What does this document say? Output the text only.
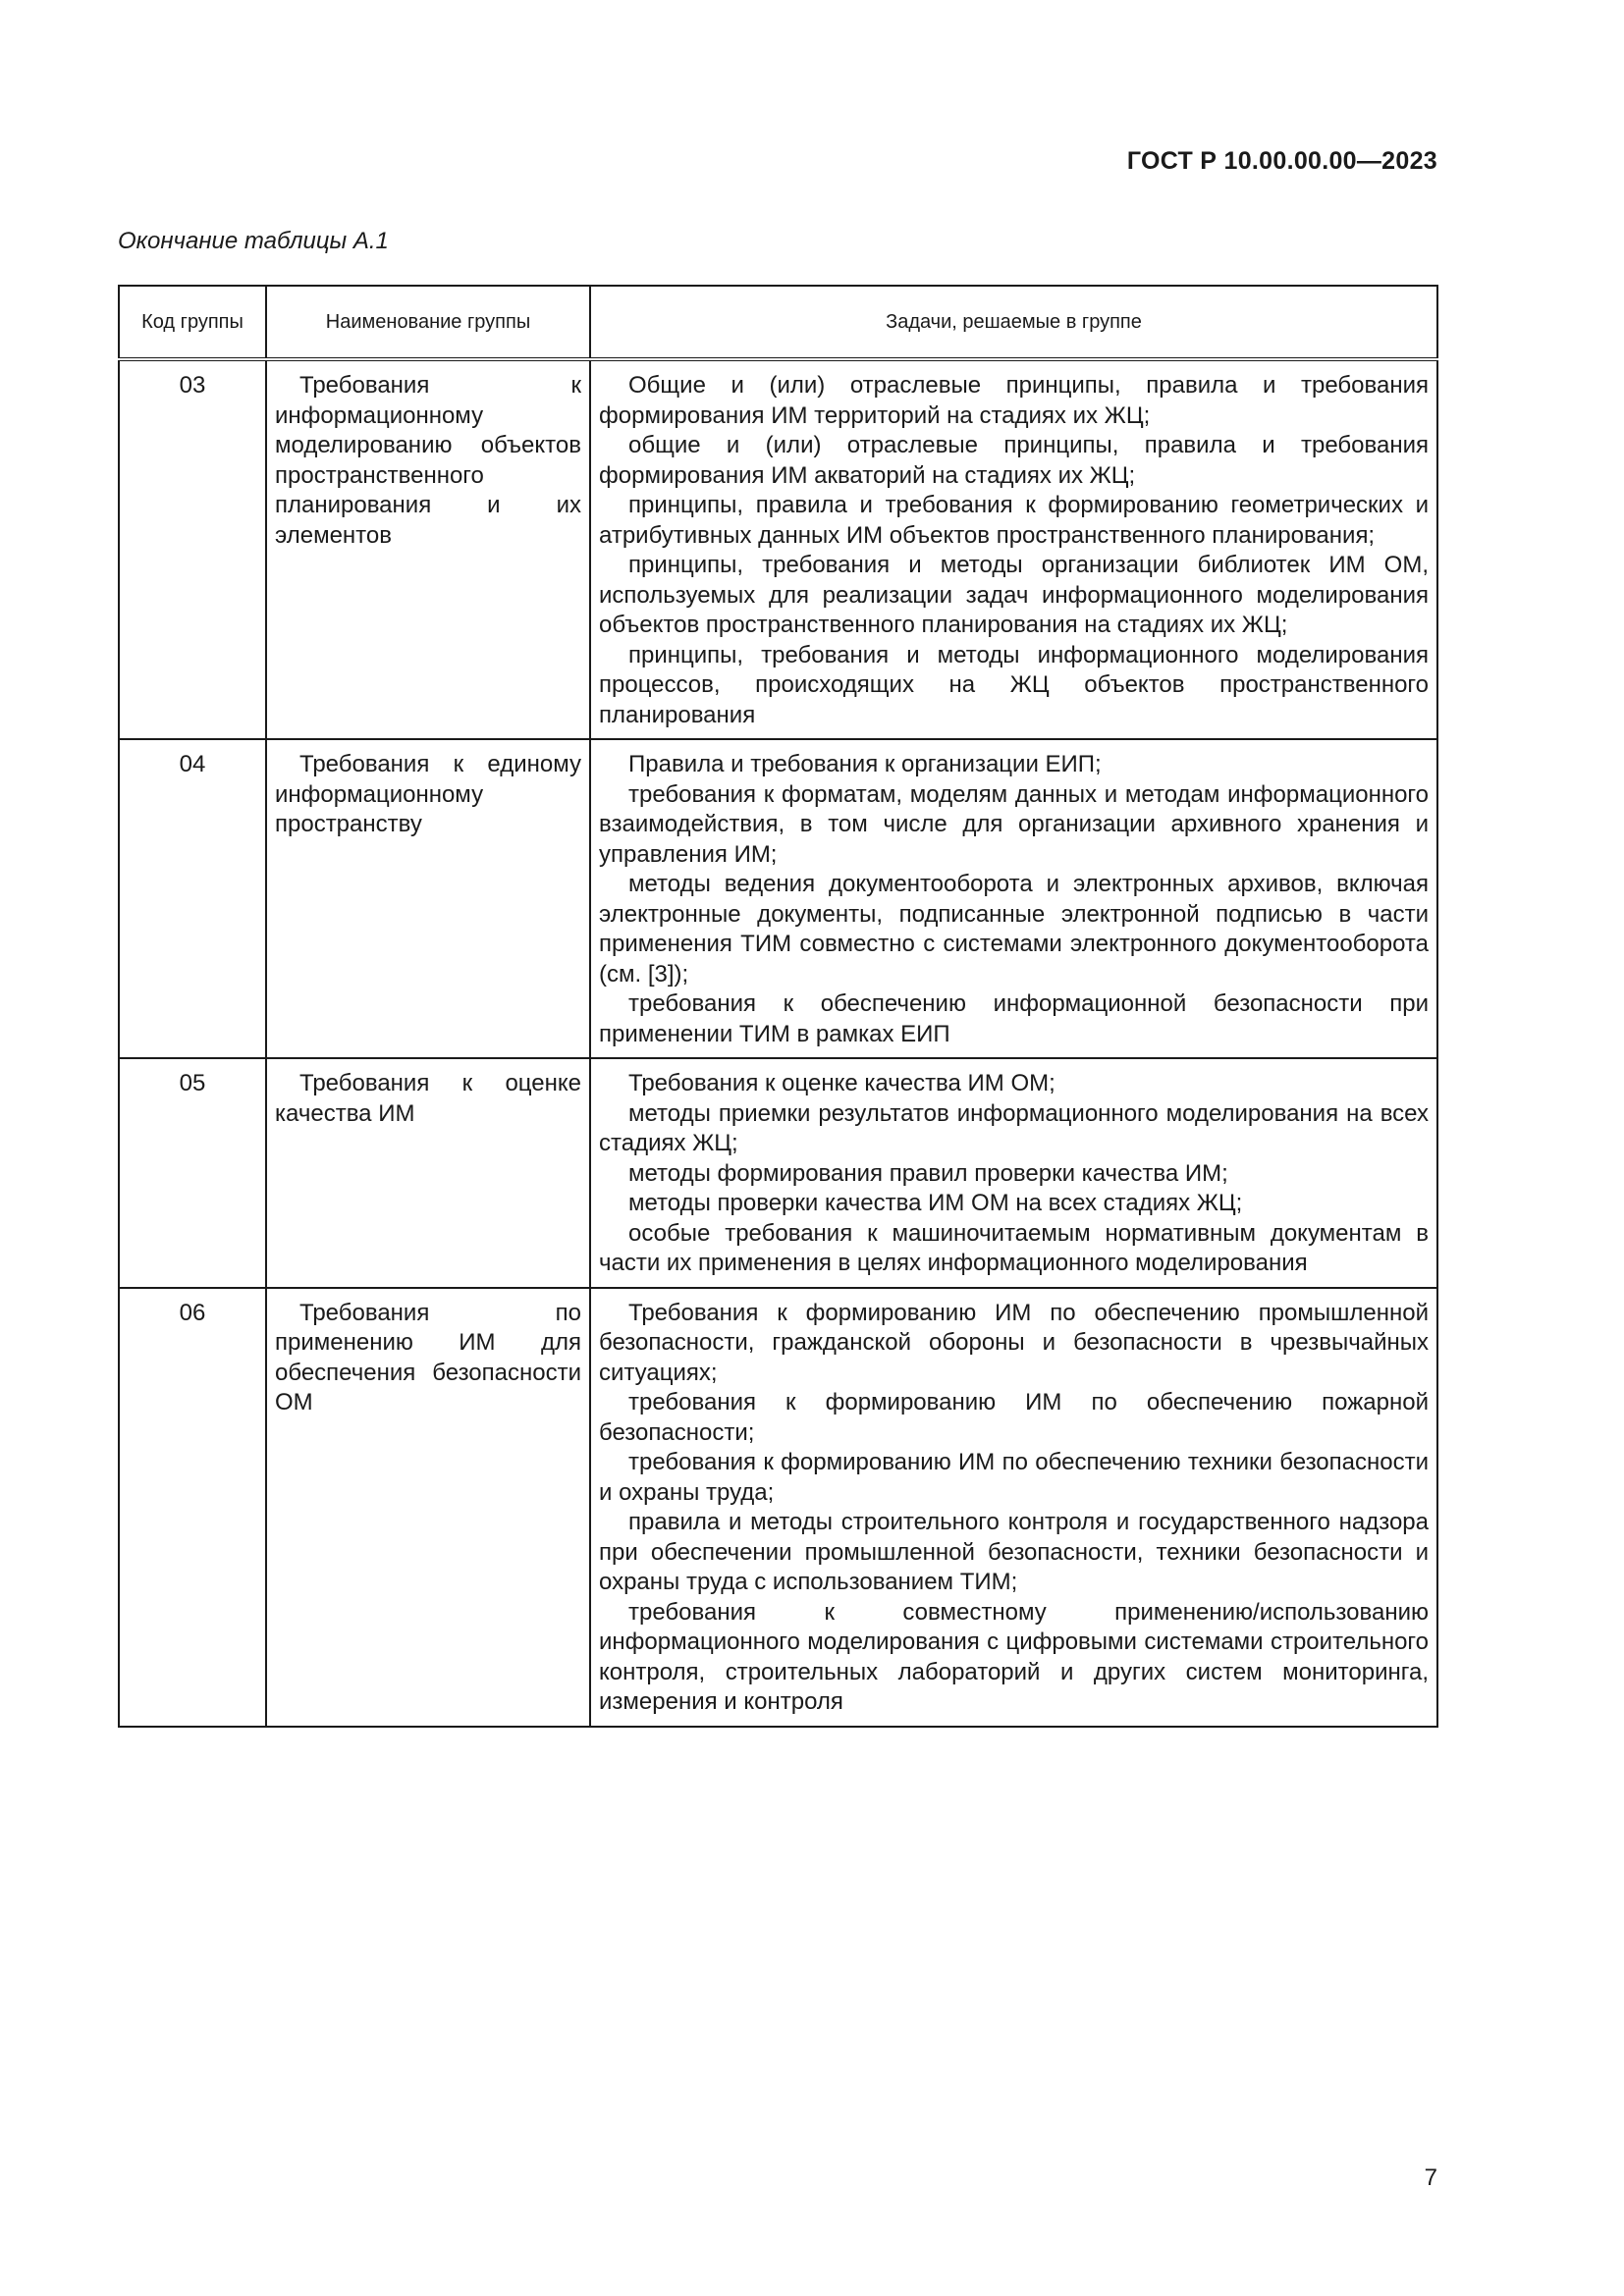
ГОСТ Р 10.00.00.00—2023
Окончание таблицы А.1
Код группы	Наименование группы	Задачи, решаемые в группе
03	Требования к информационному моделированию объектов пространственного планирования и их элементов	Общие и (или) отраслевые принципы, правила и требования формирования ИМ территорий на стадиях их ЖЦ;

общие и (или) отраслевые принципы, правила и требования формирования ИМ акваторий на стадиях их ЖЦ;

принципы, правила и требования к формированию геометрических и атрибутивных данных ИМ объектов пространственного планирования;

принципы, требования и методы организации библиотек ИМ ОМ, используемых для реализации задач информационного моделирования объектов пространственного планирования на стадиях их ЖЦ;

принципы, требования и методы информационного моделирования процессов, происходящих на ЖЦ объектов пространственного планирования

04	Требования к единому информационному пространству	Правила и требования к организации ЕИП;

требования к форматам, моделям данных и методам информационного взаимодействия, в том числе для организации архивного хранения и управления ИМ;

методы ведения документооборота и электронных архивов, включая электронные документы, подписанные электронной подписью в части применения ТИМ совместно с системами электронного документооборота (см. [3]);

требования к обеспечению информационной безопасности при применении ТИМ в рамках ЕИП

05	Требования к оценке качества ИМ	Требования к оценке качества ИМ ОМ;

методы приемки результатов информационного моделирования на всех стадиях ЖЦ;

методы формирования правил проверки качества ИМ;

методы проверки качества ИМ ОМ на всех стадиях ЖЦ;

особые требования к машиночитаемым нормативным документам в части их применения в целях информационного моделирования

06	Требования по применению ИМ для обеспечения безопасности ОМ	Требования к формированию ИМ по обеспечению промышленной безопасности, гражданской обороны и безопасности в чрезвычайных ситуациях;

требования к формированию ИМ по обеспечению пожарной безопасности;

требования к формированию ИМ по обеспечению техники безопасности и охраны труда;

правила и методы строительного контроля и государственного надзора при обеспечении промышленной безопасности, техники безопасности и охраны труда с использованием ТИМ;

требования к совместному применению/использованию информационного моделирования с цифровыми системами строительного контроля, строительных лабораторий и других систем мониторинга, измерения и контроля

7
